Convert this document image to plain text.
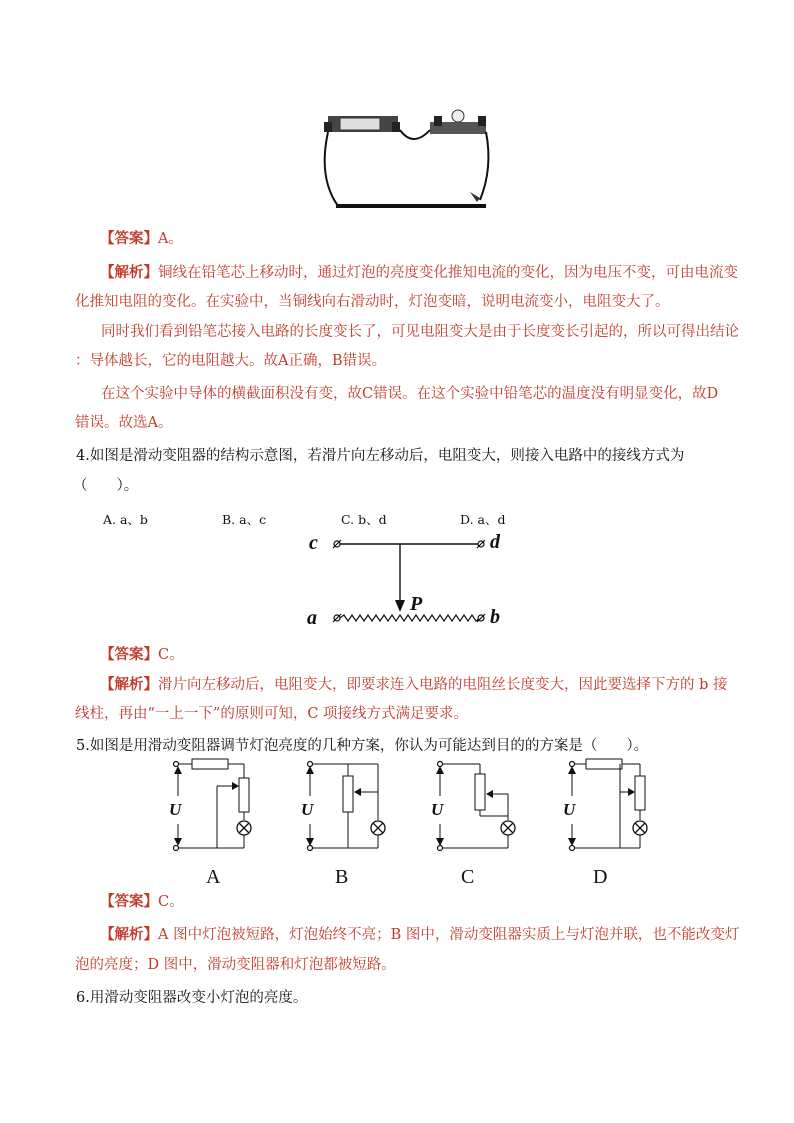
【答案】A。
【解析】铜线在铅笔芯上移动时，通过灯泡的亮度变化推知电流的变化，因为电压不变，可由电流变
化推知电阻的变化。在实验中，当铜线向右滑动时，灯泡变暗，说明电流变小，电阻变大了。
同时我们看到铅笔芯接入电路的长度变长了，可见电阻变大是由于长度变长引起的，所以可得出结论
：导体越长，它的电阻越大。故A正确，B错误。
在这个实验中导体的横截面积没有变，故C错误。在这个实验中铅笔芯的温度没有明显变化，故D
错误。故选A。
4.如图是滑动变阻器的结构示意图，若滑片向左移动后，电阻变大，则接入电路中的接线方式为
（　　）。
A. a、b	B. a、c	C. b、d	D. a、d
c	d
a	b
P
【答案】C。
【解析】滑片向左移动后，电阻变大，即要求连入电路的电阻丝长度变大，因此要选择下方的 b 接
线柱，再由“一上一下”的原则可知，C 项接线方式满足要求。
5.如图是用滑动变阻器调节灯泡亮度的几种方案，你认为可能达到目的的方案是（　　）。
U	U	U	U
A	B	C	D
【答案】C。
【解析】A 图中灯泡被短路，灯泡始终不亮；B 图中，滑动变阻器实质上与灯泡并联，也不能改变灯
泡的亮度；D 图中，滑动变阻器和灯泡都被短路。
6.用滑动变阻器改变小灯泡的亮度。
